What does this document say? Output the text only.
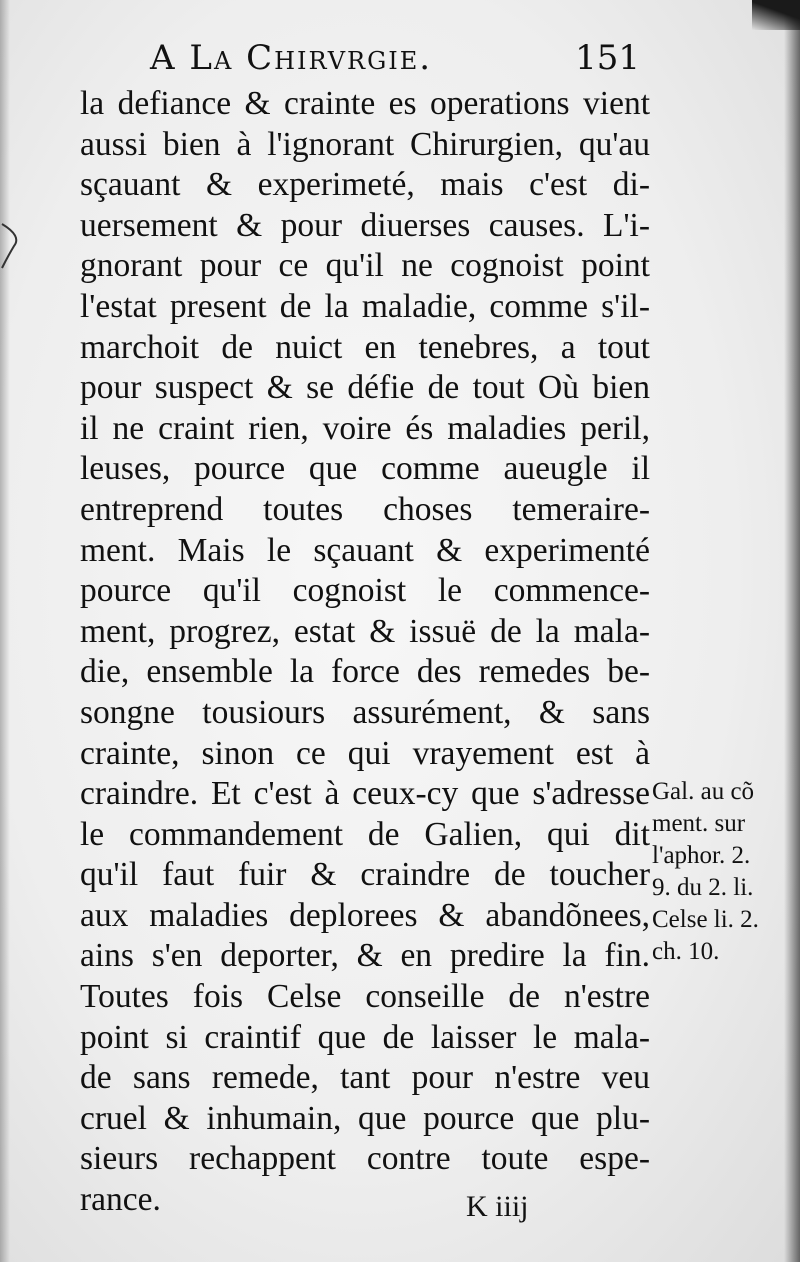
A La Chirvrgie.	151
la defiance & crainte es operations vient
aussi bien à l'ignorant Chirurgien, qu'au
sçauant & experimeté, mais c'est di-
uersement & pour diuerses causes. L'i-
gnorant pour ce qu'il ne cognoist point
l'estat present de la maladie, comme s'il-
marchoit de nuict en tenebres, a tout
pour suspect & se défie de tout Où bien
il ne craint rien, voire és maladies peril,
leuses, pource que comme aueugle il
entreprend toutes choses temeraire-
ment. Mais le sçauant & experimenté
pource qu'il cognoist le commence-
ment, progrez, estat & issuë de la mala-
die, ensemble la force des remedes be-
songne tousiours assurément, & sans
crainte, sinon ce qui vrayement est à
craindre. Et c'est à ceux-cy que s'adresse
le commandement de Galien, qui dit
qu'il faut fuir & craindre de toucher
aux maladies deplorees & abandõnees,
ains s'en deporter, & en predire la fin.
Toutes fois Celse conseille de n'estre
point si craintif que de laisser le mala-
de sans remede, tant pour n'estre veu
cruel & inhumain, que pource que plu-
sieurs rechappent contre toute espe-
rance.
Gal. au cõ
ment. sur
l'aphor. 2.
9. du 2. li.
Celse li. 2.
ch. 10.
K iiij
